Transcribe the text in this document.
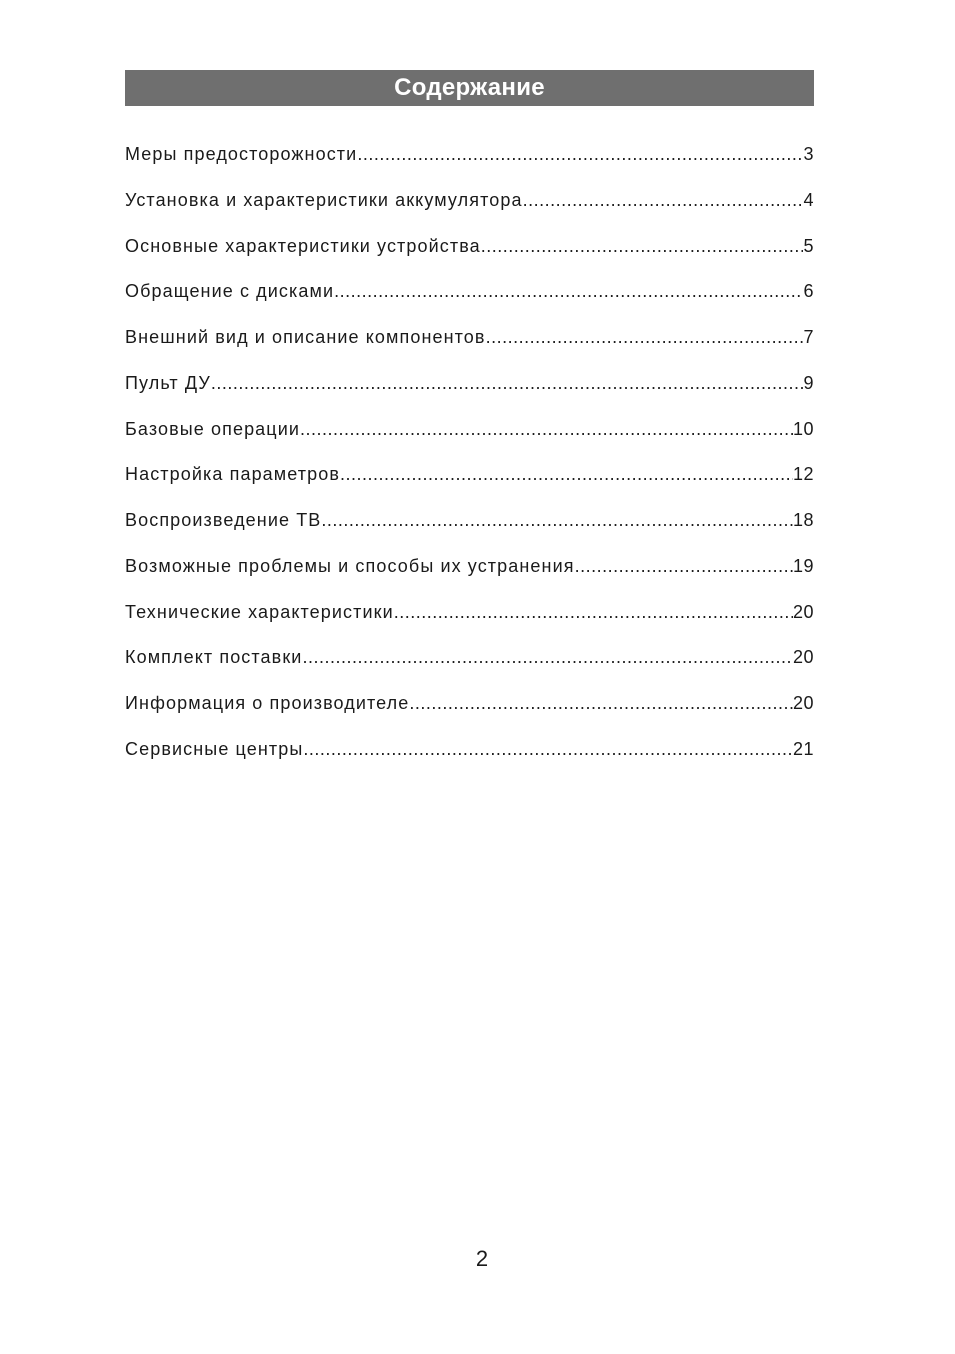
Содержание
Меры предосторожности .....	3
Установка и характеристики аккумулятора .....	4
Основные характеристики устройства .....	5
Обращение с дисками .....	6
Внешний вид и описание компонентов .....	7
Пульт ДУ .....	9
Базовые операции .....	10
Настройка параметров .....	12
Воспроизведение ТВ .....	18
Возможные проблемы и способы их устранения .....	19
Технические характеристики .....	20
Комплект поставки .....	20
Информация о производителе .....	20
Сервисные центры .....	21
2
